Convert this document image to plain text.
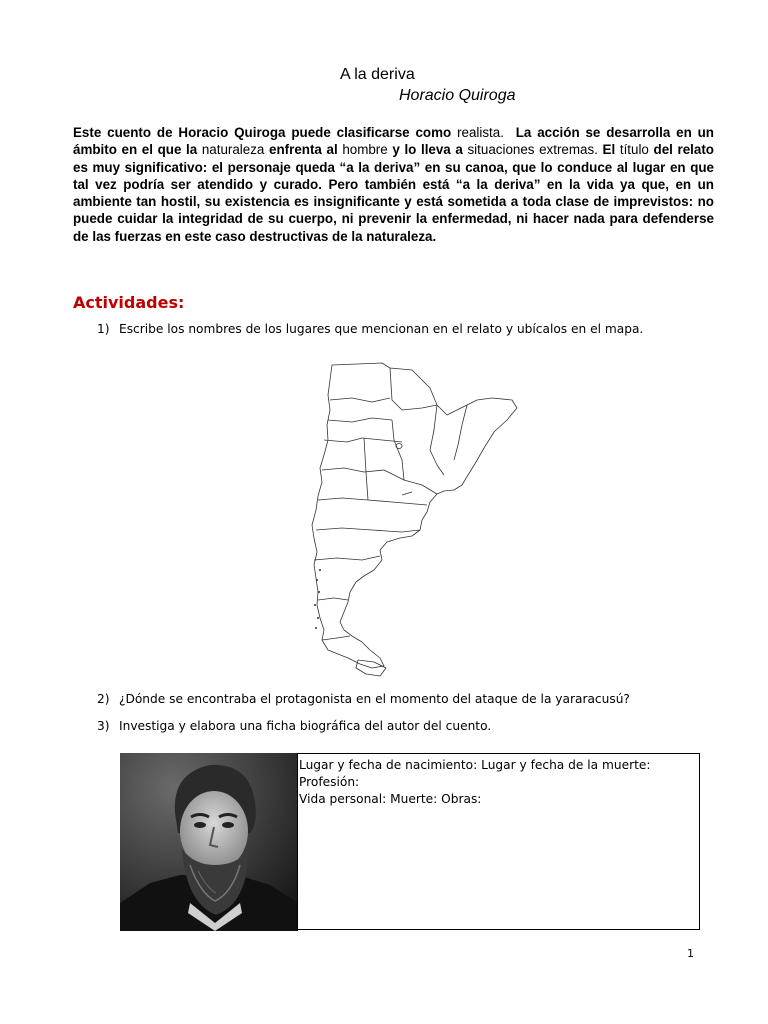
A la deriva
Horacio Quiroga
Este cuento de Horacio Quiroga puede clasificarse como realista. La acción se desarrolla en un ámbito en el que la naturaleza enfrenta al hombre y lo lleva a situaciones extremas. El título del relato es muy significativo: el personaje queda “a la deriva” en su canoa, que lo conduce al lugar en que tal vez podría ser atendido y curado. Pero también está “a la deriva” en la vida ya que, en un ambiente tan hostil, su existencia es insignificante y está sometida a toda clase de imprevistos: no puede cuidar la integridad de su cuerpo, ni prevenir la enfermedad, ni hacer nada para defenderse de las fuerzas en este caso destructivas de la naturaleza.
Actividades:
1) Escribe los nombres de los lugares que mencionan en el relato y ubícalos en el mapa.
2) ¿Dónde se encontraba el protagonista en el momento del ataque de la yararacusú?
3) Investiga y elabora una ficha biográfica del autor del cuento.
Lugar y fecha de nacimiento: Lugar y fecha de la muerte:
Profesión:
Vida personal: Muerte: Obras:
1
